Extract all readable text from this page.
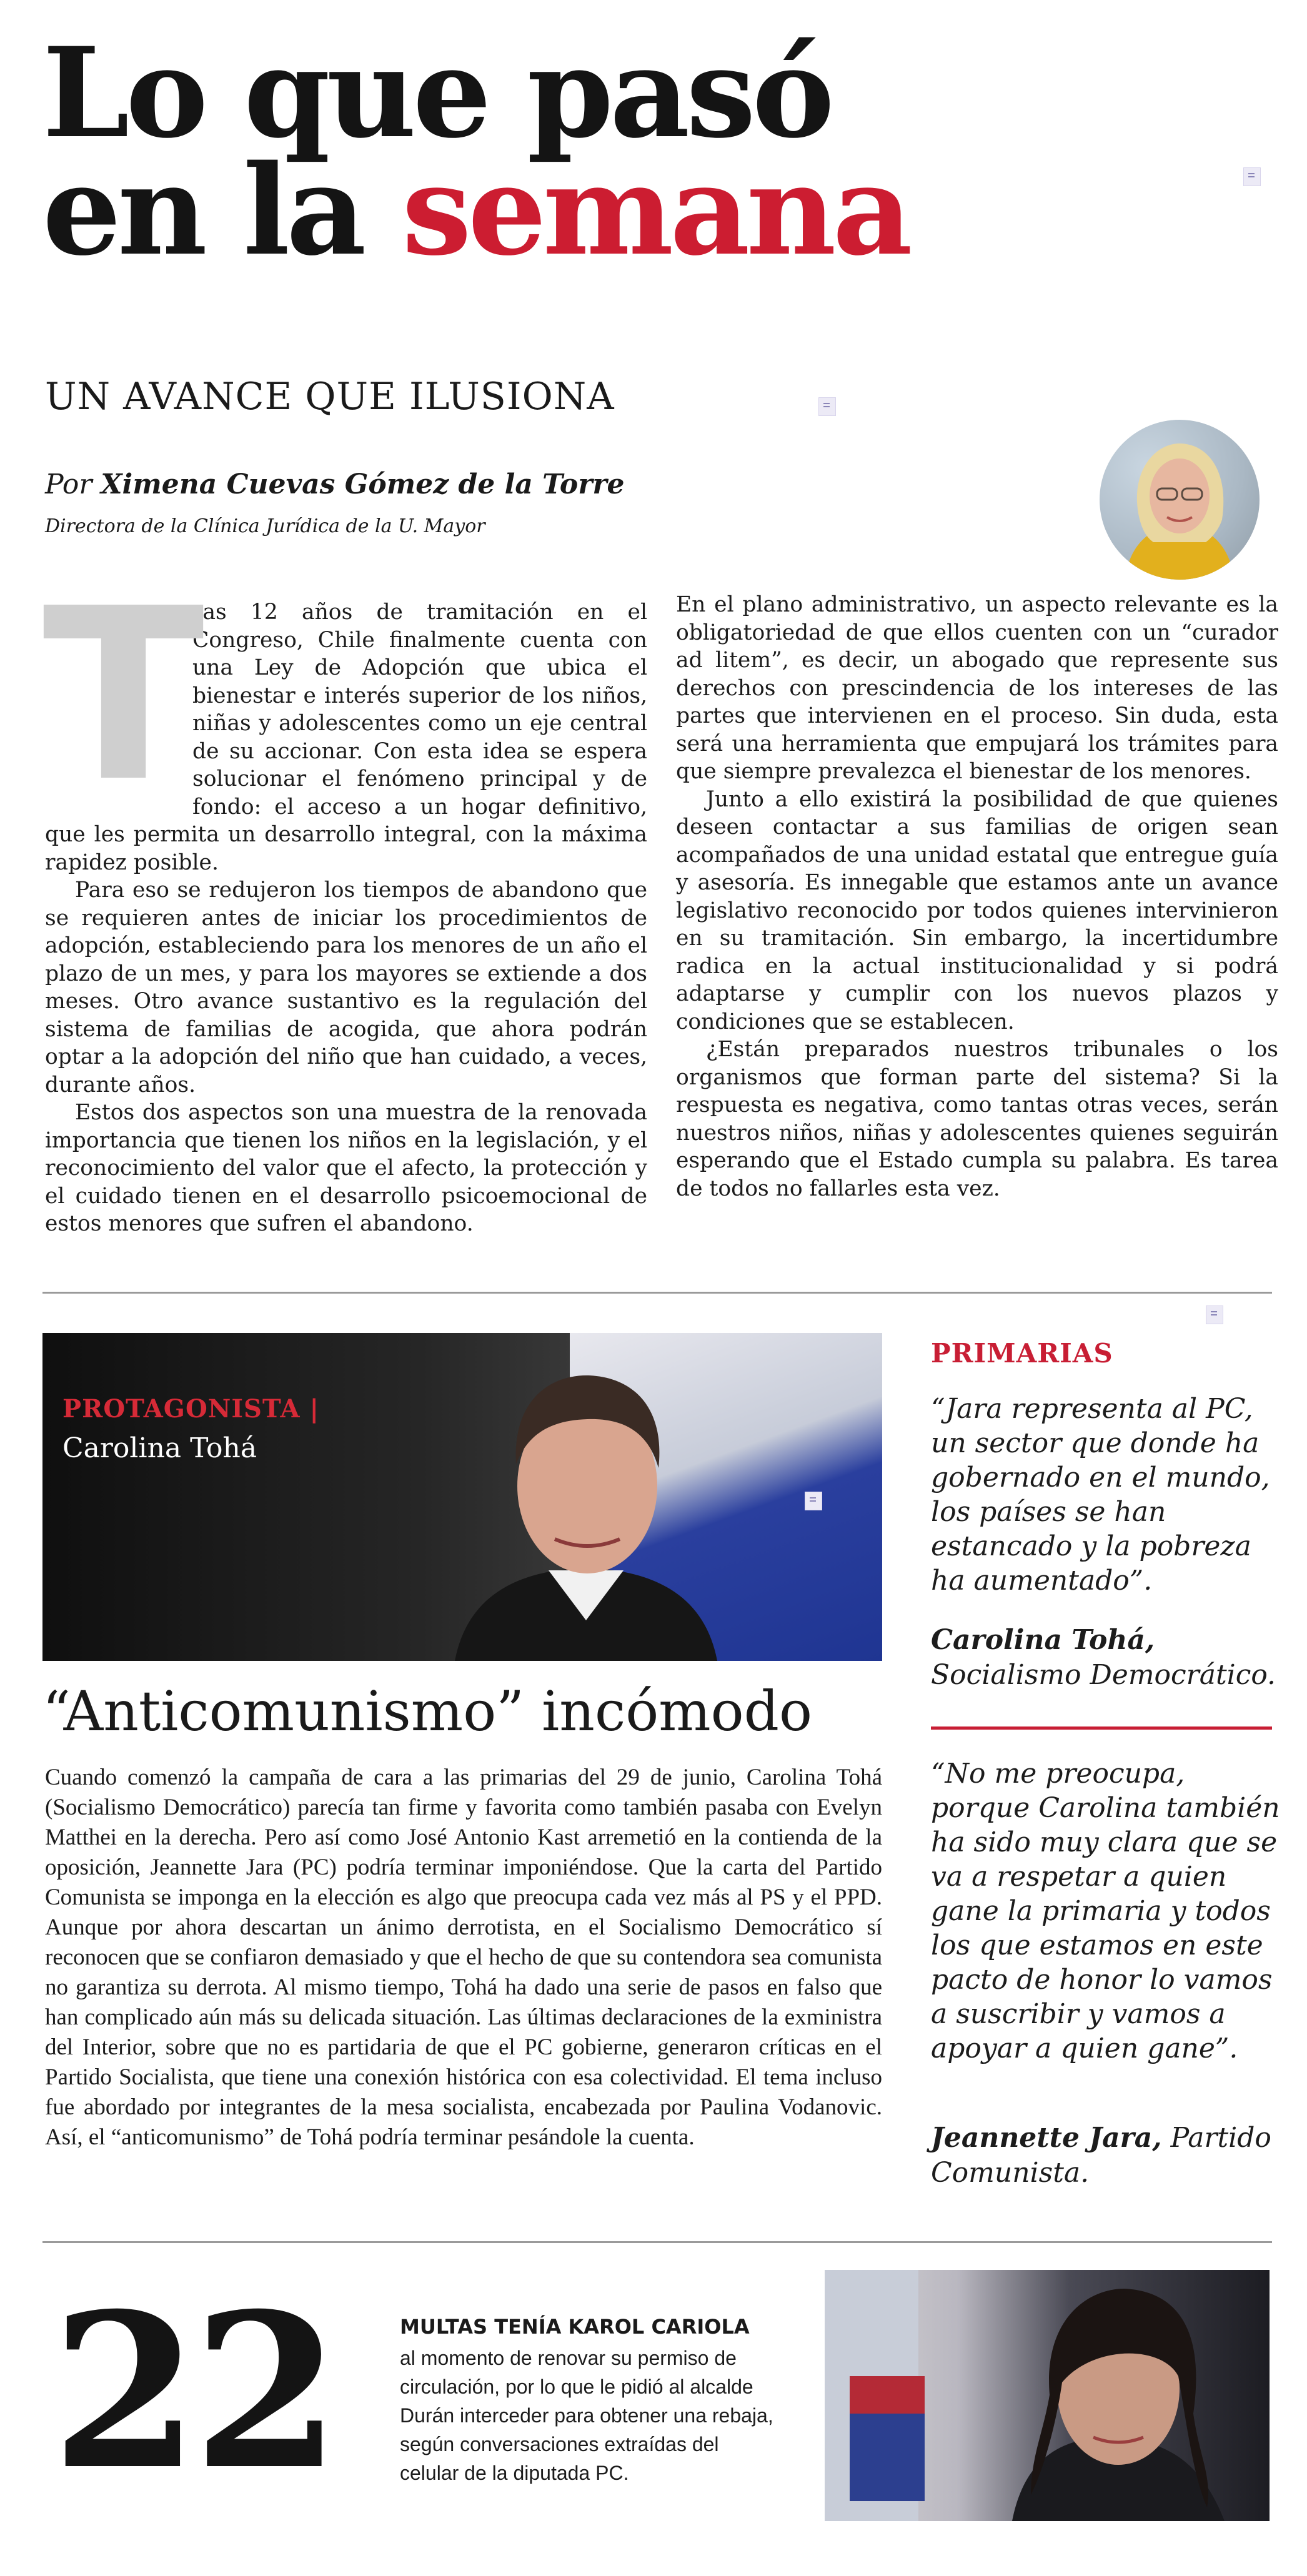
Lo que pasó
en la semana
UN AVANCE QUE ILUSIONA
Por Ximena Cuevas Gómez de la Torre
Directora de la Clínica Jurídica de la U. Mayor
T

ras 12 años de tramitación en el Congreso, Chile finalmente cuenta con una Ley de Adopción que ubica el bienestar e interés superior de los niños, niñas y adolescentes como un eje central de su accionar. Con esta idea se espera solucionar el fenómeno principal y de fondo: el acceso a un hogar definitivo, que les permita un desarrollo integral, con la máxima rapidez posible.

Para eso se redujeron los tiempos de abandono que se requieren antes de iniciar los procedimientos de adopción, estableciendo para los menores de un año el plazo de un mes, y para los mayores se extiende a dos meses. Otro avance sustantivo es la regulación del sistema de familias de acogida, que ahora podrán optar a la adopción del niño que han cuidado, a veces, durante años.

Estos dos aspectos son una muestra de la renovada importancia que tienen los niños en la legislación, y el reconocimiento del valor que el afecto, la protección y el cuidado tienen en el desarrollo psicoemocional de estos menores que sufren el abandono.

En el plano administrativo, un aspecto relevante es la obligatoriedad de que ellos cuenten con un “curador ad litem”, es decir, un abogado que represente sus derechos con prescindencia de los intereses de las partes que intervienen en el proceso. Sin duda, esta será una herramienta que empujará los trámites para que siempre prevalezca el bienestar de los menores.

Junto a ello existirá la posibilidad de que quienes deseen contactar a sus familias de origen sean acompañados de una unidad estatal que entregue guía y asesoría. Es innegable que estamos ante un avance legislativo reconocido por todos quienes intervinieron en su tramitación. Sin embargo, la incertidumbre radica en la actual institucionalidad y si podrá adaptarse y cumplir con los nuevos plazos y condiciones que se establecen.

¿Están preparados nuestros tribunales o los organismos que forman parte del sistema? Si la respuesta es negativa, como tantas otras veces, serán nuestros niños, niñas y adolescentes quienes seguirán esperando que el Estado cumpla su palabra. Es tarea de todos no fallarles esta vez.

PROTAGONISTA |
Carolina Tohá
“Anticomunismo” incómodo
Cuando comenzó la campaña de cara a las primarias del 29 de junio, Carolina Tohá (Socialismo Democrático) parecía tan firme y favorita como también pasaba con Evelyn Matthei en la derecha. Pero así como José Antonio Kast arremetió en la contienda de la oposición, Jeannette Jara (PC) podría terminar imponiéndose. Que la carta del Partido Comunista se imponga en la elección es algo que preocupa cada vez más al PS y el PPD. Aunque por ahora descartan un ánimo derrotista, en el Socialismo Democrático sí reconocen que se confiaron demasiado y que el hecho de que su contendora sea comunista no garantiza su derrota. Al mismo tiempo, Tohá ha dado una serie de pasos en falso que han complicado aún más su delicada situación. Las últimas declaraciones de la exministra del Interior, sobre que no es partidaria de que el PC gobierne, generaron críticas en el Partido Socialista, que tiene una conexión histórica con esa colectividad. El tema incluso fue abordado por integrantes de la mesa socialista, encabezada por Paulina Vodanovic. Así, el “anticomunismo” de Tohá podría terminar pesándole la cuenta.
PRIMARIAS
“Jara representa al PC, un sector que donde ha gobernado en el mundo, los países se han estancado y la pobreza ha aumentado”.
Carolina Tohá, Socialismo Democrático.
“No me preocupa, porque Carolina también ha sido muy clara que se va a respetar a quien gane la primaria y todos los que estamos en este pacto de honor lo vamos a suscribir y vamos a apoyar a quien gane”.
Jeannette Jara, Partido Comunista.
22	MULTAS TENÍA KAROL CARIOLA
al momento de renovar su permiso de circulación, por lo que le pidió al alcalde Durán interceder para obtener una rebaja, según conversaciones extraídas del celular de la diputada PC.
